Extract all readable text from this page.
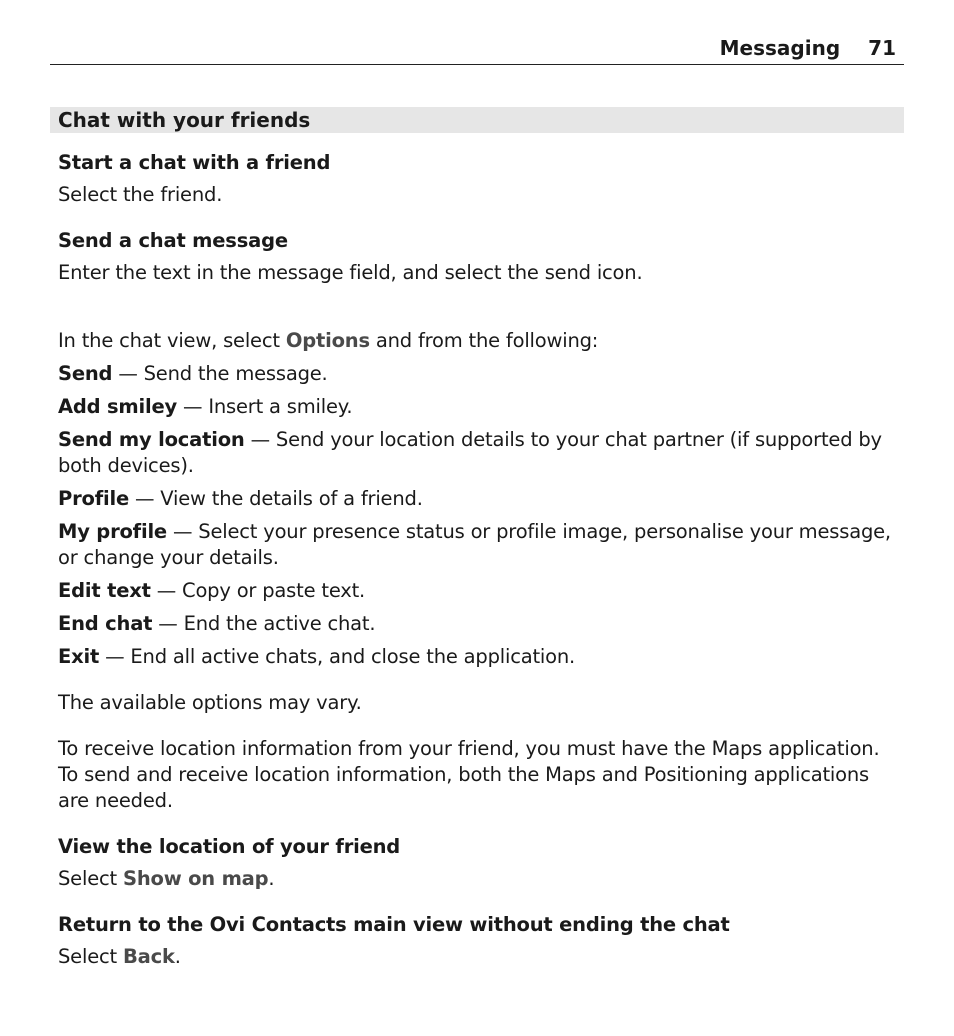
Messaging 71
Chat with your friends

Start a chat with a friend

Select the friend.

Send a chat message

Enter the text in the message field, and select the send icon.

In the chat view, select Options and from the following:

Send — Send the message.

Add smiley — Insert a smiley.

Send my location — Send your location details to your chat partner (if supported by both devices).

Profile — View the details of a friend.

My profile — Select your presence status or profile image, personalise your message, or change your details.

Edit text — Copy or paste text.

End chat — End the active chat.

Exit — End all active chats, and close the application.

The available options may vary.

To receive location information from your friend, you must have the Maps application. To send and receive location information, both the Maps and Positioning applications are needed.

View the location of your friend

Select Show on map.

Return to the Ovi Contacts main view without ending the chat

Select Back.
